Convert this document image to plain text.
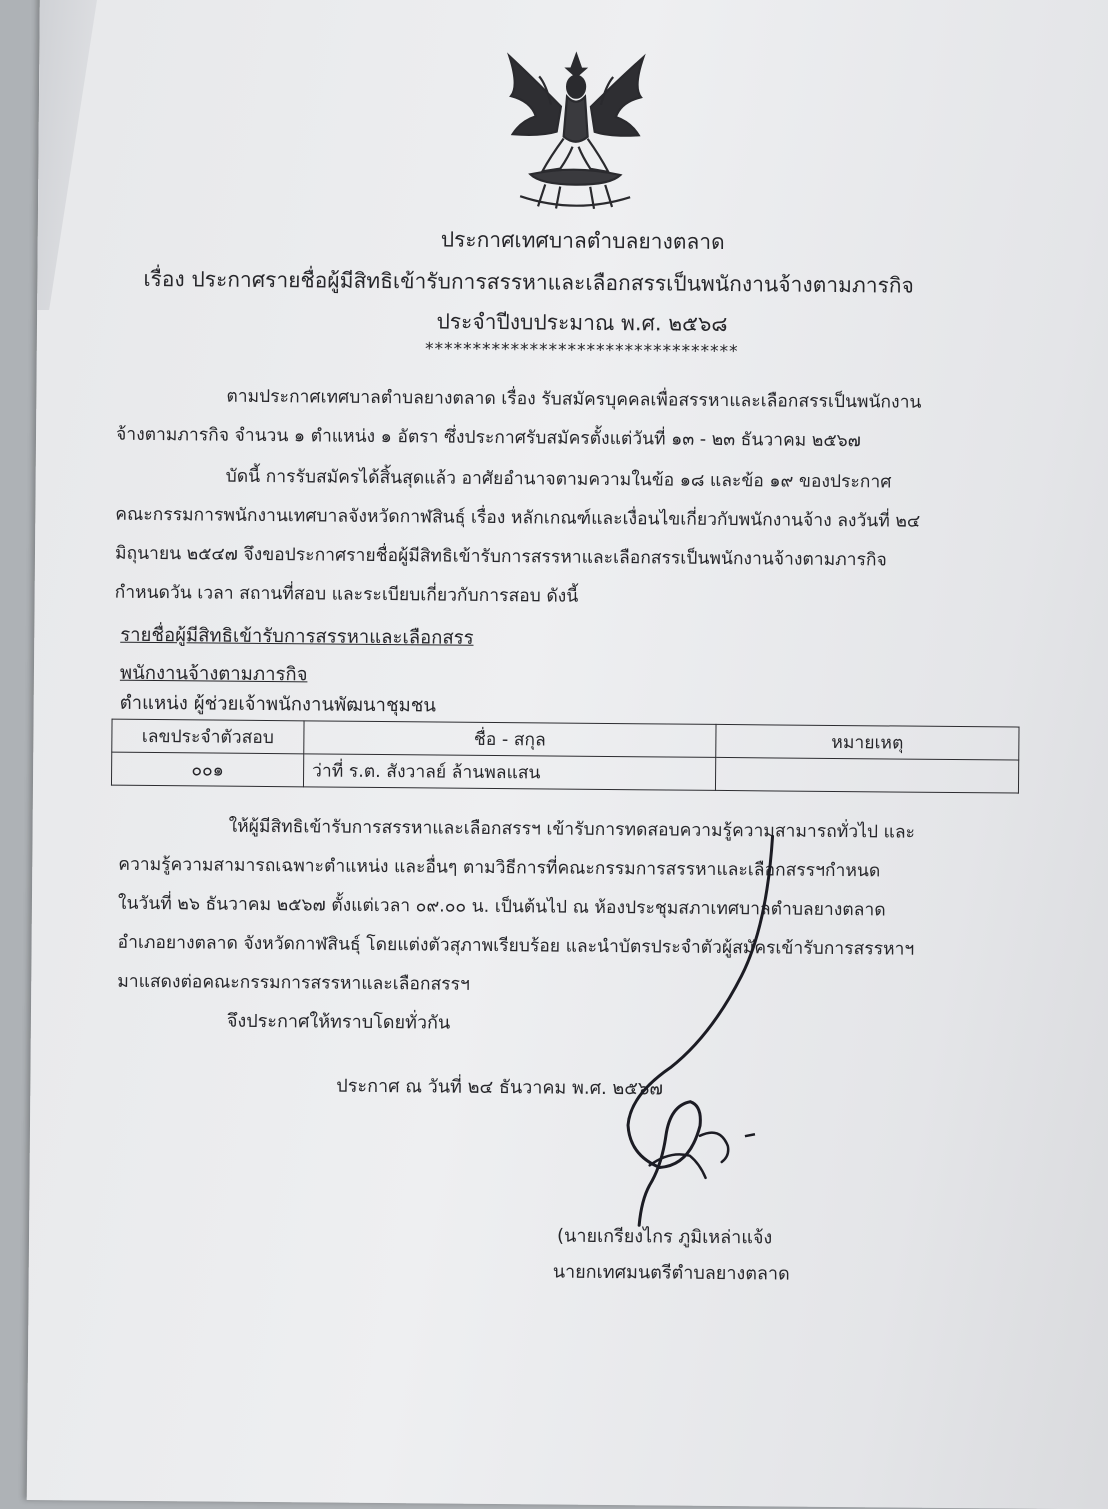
ประกาศเทศบาลตำบลยางตลาด
เรื่อง ประกาศรายชื่อผู้มีสิทธิเข้ารับการสรรหาและเลือกสรรเป็นพนักงานจ้างตามภารกิจ
ประจำปีงบประมาณ พ.ศ. ๒๕๖๘
*********************************
ตามประกาศเทศบาลตำบลยางตลาด เรื่อง รับสมัครบุคคลเพื่อสรรหาและเลือกสรรเป็นพนักงาน
จ้างตามภารกิจ จำนวน ๑ ตำแหน่ง ๑ อัตรา ซึ่งประกาศรับสมัครตั้งแต่วันที่ ๑๓ - ๒๓ ธันวาคม ๒๕๖๗
บัดนี้ การรับสมัครได้สิ้นสุดแล้ว อาศัยอำนาจตามความในข้อ ๑๘ และข้อ ๑๙ ของประกาศ
คณะกรรมการพนักงานเทศบาลจังหวัดกาฬสินธุ์ เรื่อง หลักเกณฑ์และเงื่อนไขเกี่ยวกับพนักงานจ้าง ลงวันที่ ๒๔
มิถุนายน ๒๕๔๗ จึงขอประกาศรายชื่อผู้มีสิทธิเข้ารับการสรรหาและเลือกสรรเป็นพนักงานจ้างตามภารกิจ
กำหนดวัน เวลา สถานที่สอบ และระเบียบเกี่ยวกับการสอบ ดังนี้
รายชื่อผู้มีสิทธิเข้ารับการสรรหาและเลือกสรร
พนักงานจ้างตามภารกิจ
ตำแหน่ง ผู้ช่วยเจ้าพนักงานพัฒนาชุมชน
เลขประจำตัวสอบ	ชื่อ - สกุล	หมายเหตุ
๐๐๑	ว่าที่ ร.ต. สังวาลย์ ล้านพลแสน	
ให้ผู้มีสิทธิเข้ารับการสรรหาและเลือกสรรฯ เข้ารับการทดสอบความรู้ความสามารถทั่วไป และ
ความรู้ความสามารถเฉพาะตำแหน่ง และอื่นๆ ตามวิธีการที่คณะกรรมการสรรหาและเลือกสรรฯกำหนด
ในวันที่ ๒๖ ธันวาคม ๒๕๖๗ ตั้งแต่เวลา ๐๙.๐๐ น. เป็นต้นไป ณ ห้องประชุมสภาเทศบาลตำบลยางตลาด
อำเภอยางตลาด จังหวัดกาฬสินธุ์ โดยแต่งตัวสุภาพเรียบร้อย และนำบัตรประจำตัวผู้สมัครเข้ารับการสรรหาฯ
มาแสดงต่อคณะกรรมการสรรหาและเลือกสรรฯ
จึงประกาศให้ทราบโดยทั่วกัน
ประกาศ ณ วันที่ ๒๔ ธันวาคม พ.ศ. ๒๕๖๗
(นายเกรียงไกร ภูมิเหล่าแจ้ง
นายกเทศมนตรีตำบลยางตลาด
